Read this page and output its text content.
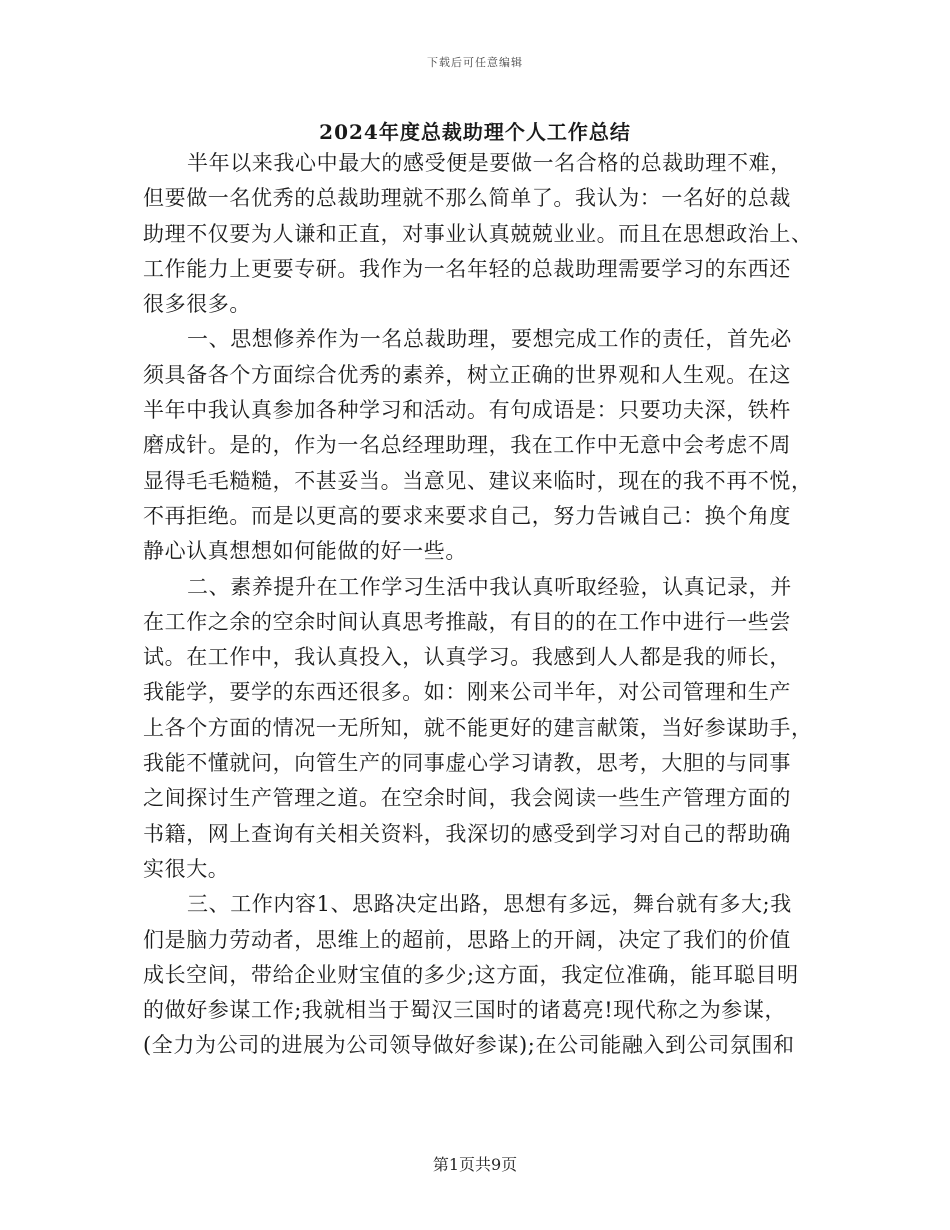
下载后可任意编辑
2024年度总裁助理个人工作总结
半年以来我心中最大的感受便是要做一名合格的总裁助理不难，
但要做一名优秀的总裁助理就不那么简单了。我认为：一名好的总裁
助理不仅要为人谦和正直，对事业认真兢兢业业。而且在思想政治上、
工作能力上更要专研。我作为一名年轻的总裁助理需要学习的东西还
很多很多。
一、思想修养作为一名总裁助理，要想完成工作的责任，首先必
须具备各个方面综合优秀的素养，树立正确的世界观和人生观。在这
半年中我认真参加各种学习和活动。有句成语是：只要功夫深，铁杵
磨成针。是的，作为一名总经理助理，我在工作中无意中会考虑不周
显得毛毛糙糙，不甚妥当。当意见、建议来临时，现在的我不再不悦，
不再拒绝。而是以更高的要求来要求自己，努力告诫自己：换个角度
静心认真想想如何能做的好一些。
二、素养提升在工作学习生活中我认真听取经验，认真记录，并
在工作之余的空余时间认真思考推敲，有目的的在工作中进行一些尝
试。在工作中，我认真投入，认真学习。我感到人人都是我的师长，
我能学，要学的东西还很多。如：刚来公司半年，对公司管理和生产
上各个方面的情况一无所知，就不能更好的建言献策，当好参谋助手，
我能不懂就问，向管生产的同事虚心学习请教，思考，大胆的与同事
之间探讨生产管理之道。在空余时间，我会阅读一些生产管理方面的
书籍，网上查询有关相关资料，我深切的感受到学习对自己的帮助确
实很大。
三、工作内容1、思路决定出路，思想有多远，舞台就有多大;我
们是脑力劳动者，思维上的超前，思路上的开阔，决定了我们的价值
成长空间，带给企业财宝值的多少;这方面，我定位准确，能耳聪目明
的做好参谋工作;我就相当于蜀汉三国时的诸葛亮!现代称之为参谋，
(全力为公司的进展为公司领导做好参谋);在公司能融入到公司氛围和
第1页共9页
